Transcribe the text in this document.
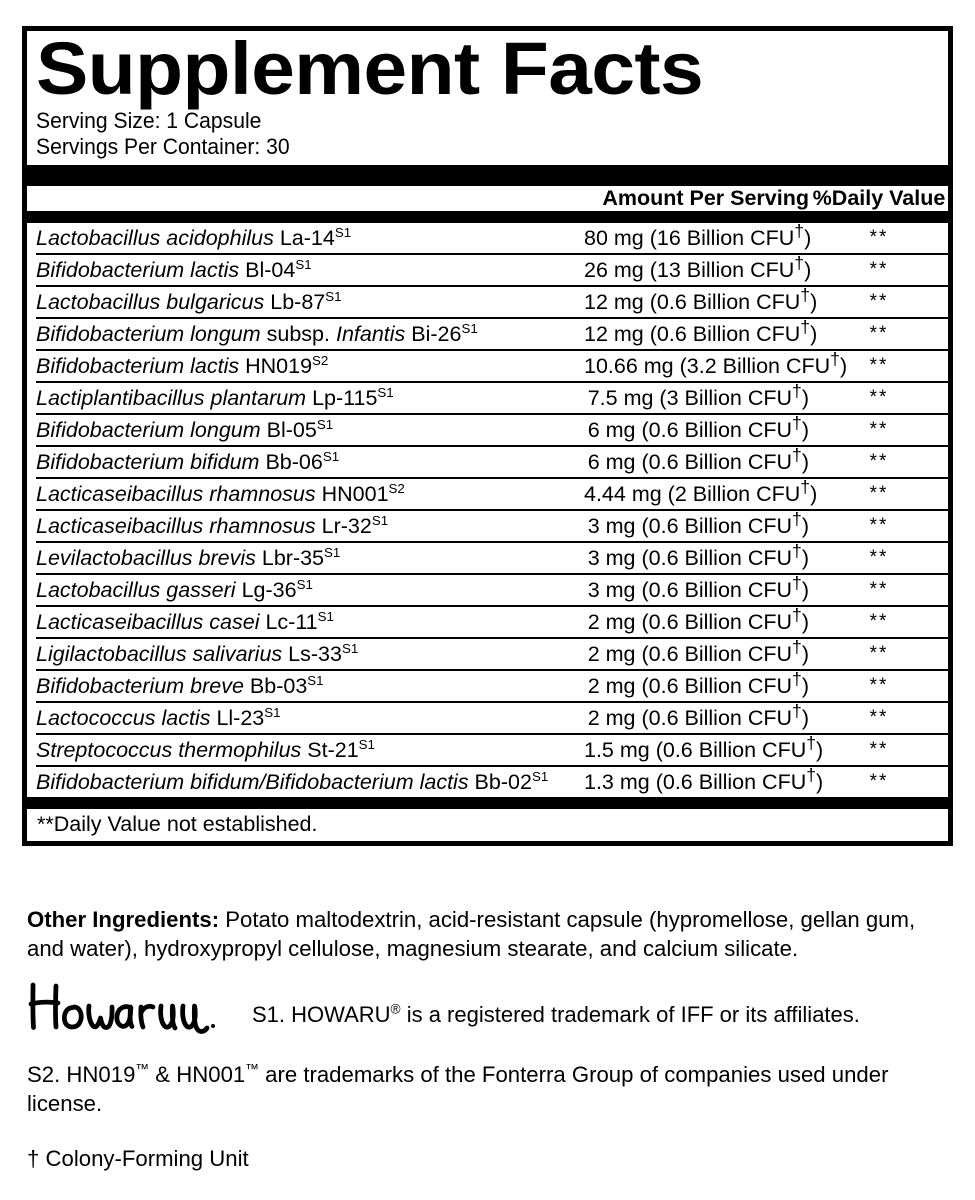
Supplement Facts
Serving Size: 1 Capsule
Servings Per Container: 30
	Amount Per Serving	%Daily Value
Lactobacillus acidophilus $La-14^{S1}$	80 mg (16 Billion CFU†)	**
Bifidobacterium lactis $Bl-04^{S1}$	26 mg (13 Billion CFU†)	**
Lactobacillus bulgaricus $Lb-87^{S1}$	12 mg (0.6 Billion CFU†)	**
Bifidobacterium longum subsp. Infantis $Bi-26^{S1}$	12 mg (0.6 Billion CFU†)	**
Bifidobacterium lactis $HN019^{S2}$	10.66 mg (3.2 Billion CFU†)	**
Lactiplantibacillus plantarum $Lp-115^{S1}$	7.5 mg (3 Billion CFU†)	**
Bifidobacterium longum $Bl-05^{S1}$	6 mg (0.6 Billion CFU†)	**
Bifidobacterium bifidum $Bb-06^{S1}$	6 mg (0.6 Billion CFU†)	**
Lacticaseibacillus rhamnosus $HN001^{S2}$	4.44 mg (2 Billion CFU†)	**
Lacticaseibacillus rhamnosus $Lr-32^{S1}$	3 mg (0.6 Billion CFU†)	**
Levilactobacillus brevis Lbr-$35^{S1}$	3 mg (0.6 Billion CFU†)	**
Lactobacillus gasseri $Lg-36^{S1}$	3 mg (0.6 Billion CFU†)	**
Lacticaseibacillus casei $Lc-11^{S1}$	2 mg (0.6 Billion CFU†)	**
Ligilactobacillus salivarius $Ls-33^{S1}$	2 mg (0.6 Billion CFU†)	**
Bifidobacterium breve $Bb-03^{S1}$	2 mg (0.6 Billion CFU†)	**
Lactococcus lactis $Ll-23^{S1}$	2 mg (0.6 Billion CFU†)	**
Streptococcus thermophilus $St-21^{S1}$	1.5 mg (0.6 Billion CFU†)	**
Bifidobacterium bifidum/Bifidobacterium lactis $Bb-02^{S1}$	1.3 mg (0.6 Billion CFU†)	**
**Daily Value not established.

Other Ingredients: Potato maltodextrin, acid-resistant capsule (hypromellose, gellan gum, and water), hydroxypropyl cellulose, magnesium stearate, and calcium silicate.

S1. HOWARU® is a registered trademark of IFF or its affiliates.

S2. HN019™ & HN001™ are trademarks of the Fonterra Group of companies used under license.

† Colony-Forming Unit
